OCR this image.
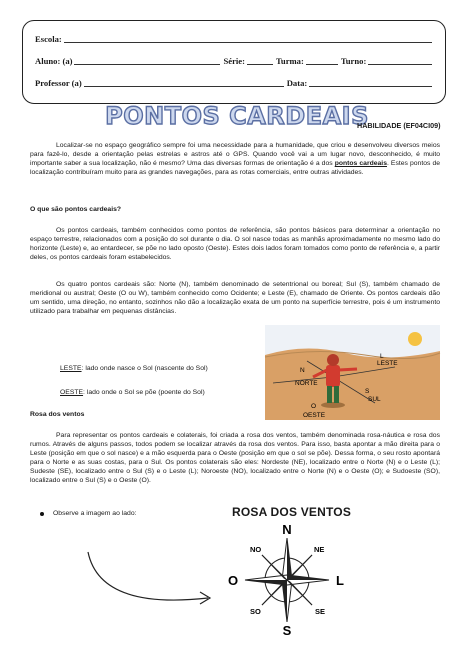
Escola:
Aluno: (a)	Série:	Turma:	Turno:
Professor (a)	Data:
PONTOS CARDEAIS
HABILIDADE (EF04CI09)

Localizar-se no espaço geográfico sempre foi uma necessidade para a humanidade, que criou e desenvolveu diversos meios para fazê-lo, desde a orientação pelas estrelas e astros até o GPS. Quando você vai a um lugar novo, desconhecido, é muito importante saber a sua localização, não é mesmo? Uma das diversas formas de orientação é a dos pontos cardeais. Estes pontos de localização contribuíram muito para as grandes navegações, para as rotas comerciais, entre outras atividades.

O que são pontos cardeais?

Os pontos cardeais, também conhecidos como pontos de referência, são pontos básicos para determinar a orientação no espaço terrestre, relacionados com a posição do sol durante o dia. O sol nasce todas as manhãs aproximadamente no mesmo lado do horizonte (Leste) e, ao entardecer, se põe no lado oposto (Oeste). Estes dois lados foram tomados como ponto de referência e, a partir deles, os pontos cardeais foram estabelecidos.

Os quatro pontos cardeais são: Norte (N), também denominado de setentrional ou boreal; Sul (S), também chamado de meridional ou austral; Oeste (O ou W), também conhecido como Ocidente; e Leste (E), chamado de Oriente. Os pontos cardeais dão um sentido, uma direção, no entanto, sozinhos não dão a localização exata de um ponto na superfície terrestre, pois é um instrumento utilizado para trabalhar em pequenas distâncias.

L
LESTE
N
NORTE
S
SUL
O
OESTE
LESTE: lado onde nasce o Sol (nascente do Sol)
OESTE: lado onde o Sol se põe (poente do Sol)
Rosa dos ventos

Para representar os pontos cardeais e colaterais, foi criada a rosa dos ventos, também denominada rosa-náutica e rosa dos rumos. Através de alguns passos, todos podem se localizar através da rosa dos ventos. Para isso, basta apontar a mão direita para o Leste (posição em que o sol nasce) e a mão esquerda para o Oeste (posição em que o sol se põe). Dessa forma, o seu rosto apontará para o Norte e as suas costas, para o Sul. Os pontos colaterais são eles: Nordeste (NE), localizado entre o Norte (N) e o Leste (L); Sudeste (SE), localizado entre o Sul (S) e o Leste (L); Noroeste (NO), localizado entre o Norte (N) e o Oeste (O); e Sudoeste (SO), localizado entre o Sul (S) e o Oeste (O).

Observe a imagem ao lado:	ROSA DOS VENTOS
N
S
L
O
NE
NO
SE
SO
